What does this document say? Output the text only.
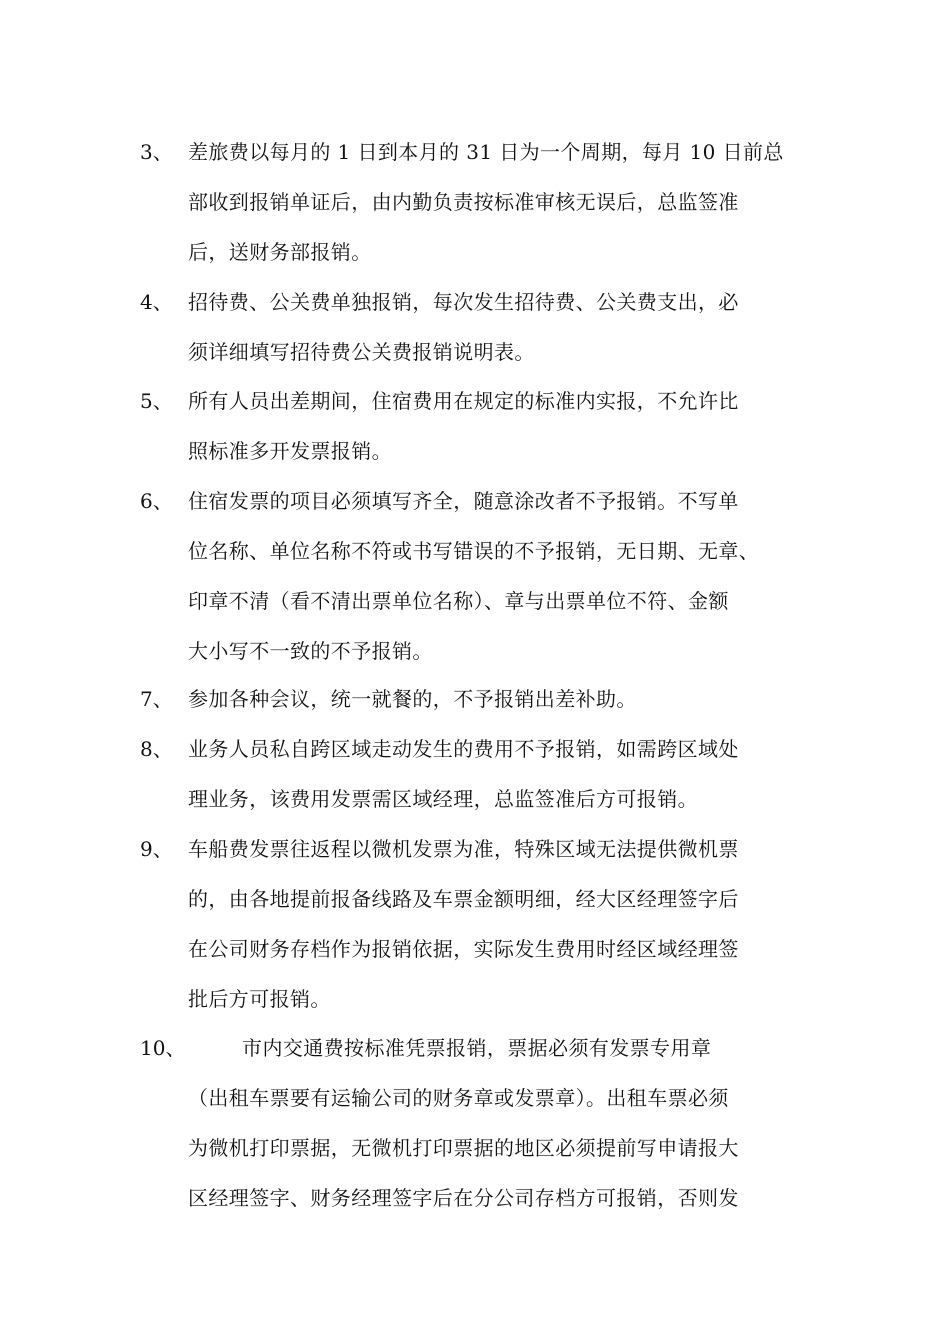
3、 差旅费以每月的 1 日到本月的 31 日为一个周期，每月 10 日前总
部收到报销单证后，由内勤负责按标准审核无误后，总监签准
后，送财务部报销。
4、 招待费、公关费单独报销，每次发生招待费、公关费支出，必
须详细填写招待费公关费报销说明表。
5、 所有人员出差期间，住宿费用在规定的标准内实报，不允许比
照标准多开发票报销。
6、 住宿发票的项目必须填写齐全，随意涂改者不予报销。不写单
位名称、单位名称不符或书写错误的不予报销，无日期、无章、
印章不清（看不清出票单位名称）、章与出票单位不符、金额
大小写不一致的不予报销。
7、 参加各种会议，统一就餐的，不予报销出差补助。
8、 业务人员私自跨区域走动发生的费用不予报销，如需跨区域处
理业务，该费用发票需区域经理，总监签准后方可报销。
9、 车船费发票往返程以微机发票为准，特殊区域无法提供微机票
的，由各地提前报备线路及车票金额明细，经大区经理签字后
在公司财务存档作为报销依据，实际发生费用时经区域经理签
批后方可报销。
10、 市内交通费按标准凭票报销，票据必须有发票专用章
（出租车票要有运输公司的财务章或发票章）。出租车票必须
为微机打印票据，无微机打印票据的地区必须提前写申请报大
区经理签字、财务经理签字后在分公司存档方可报销，否则发
